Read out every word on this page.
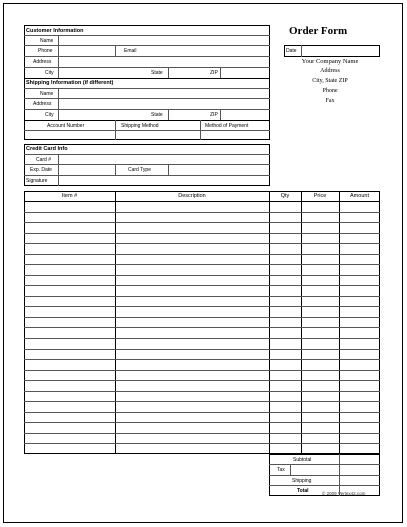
Order Form
Customer Information
Name
Phone	Email
Address
City	State	ZIP
Shipping Information (if different)
Name
Address
City	State	ZIP
Account Number	Shipping Method	Method of Payment
Date
Your Company Name
Address
City, State ZIP
Phone
Fax
Credit Card Info
Card #
Exp. Date	Card Type
Signature
Item #	Description	Qty	Price	Amount
Subtotal
Tax
Shipping
Total	© 2009 Vertex42.com
